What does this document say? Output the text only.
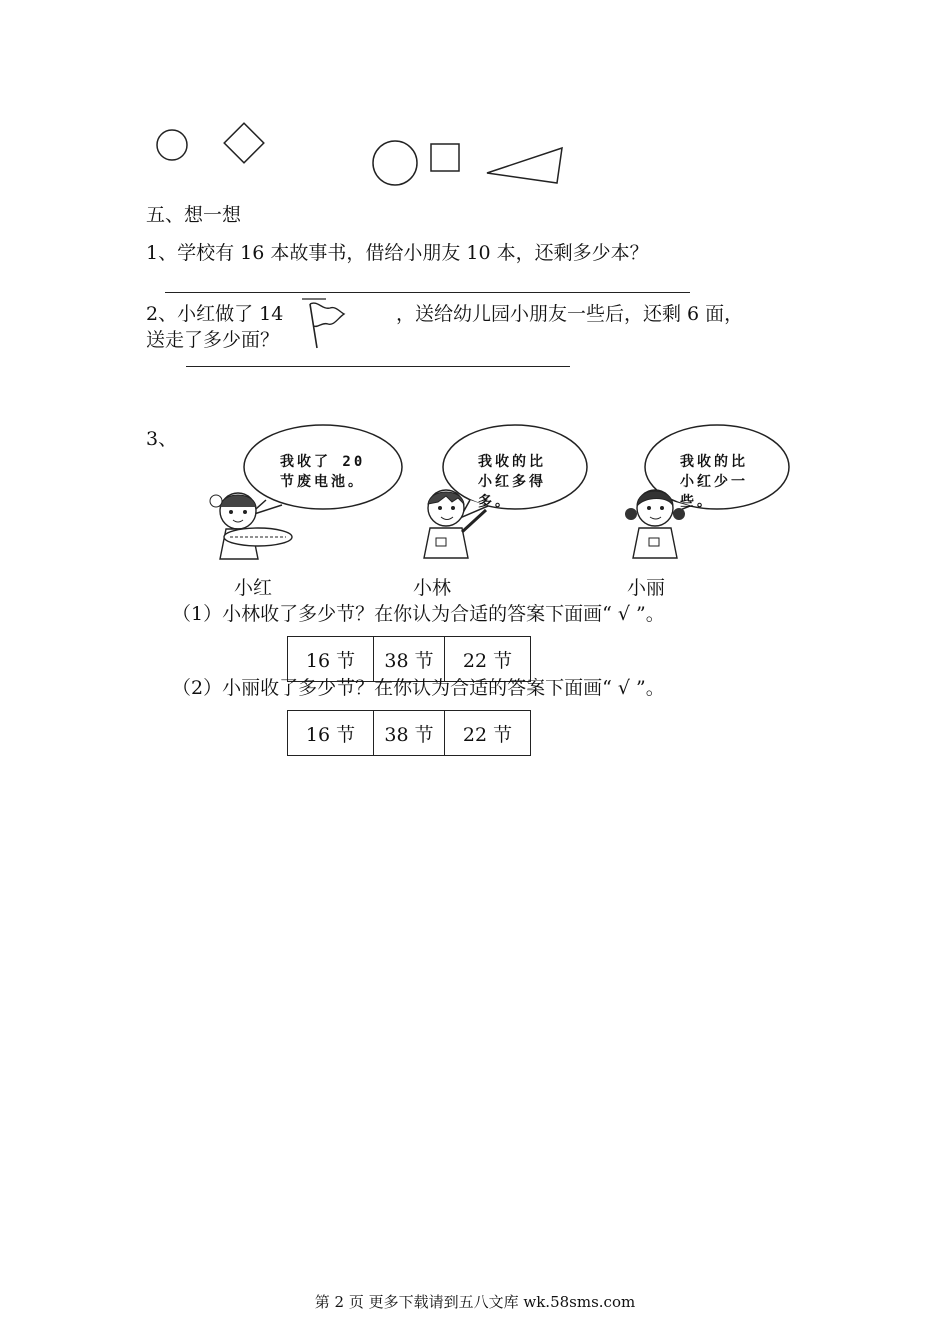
五、想一想
1、学校有 16 本故事书，借给小朋友 10 本，还剩多少本？
2、小红做了 14	，送给幼儿园小朋友一些后，还剩 6 面，
送走了多少面？
3、
我收了 20
节废电池。
我收的比
小红多得
多。
我收的比
小红少一
些。
小红	小林	小丽
（1）小林收了多少节？在你认为合适的答案下面画“ √ ”。
16 节	38 节	22 节
（2）小丽收了多少节？在你认为合适的答案下面画“ √ ”。
16 节	38 节	22 节
第 2 页 更多下载请到五八文库 wk.58sms.com
